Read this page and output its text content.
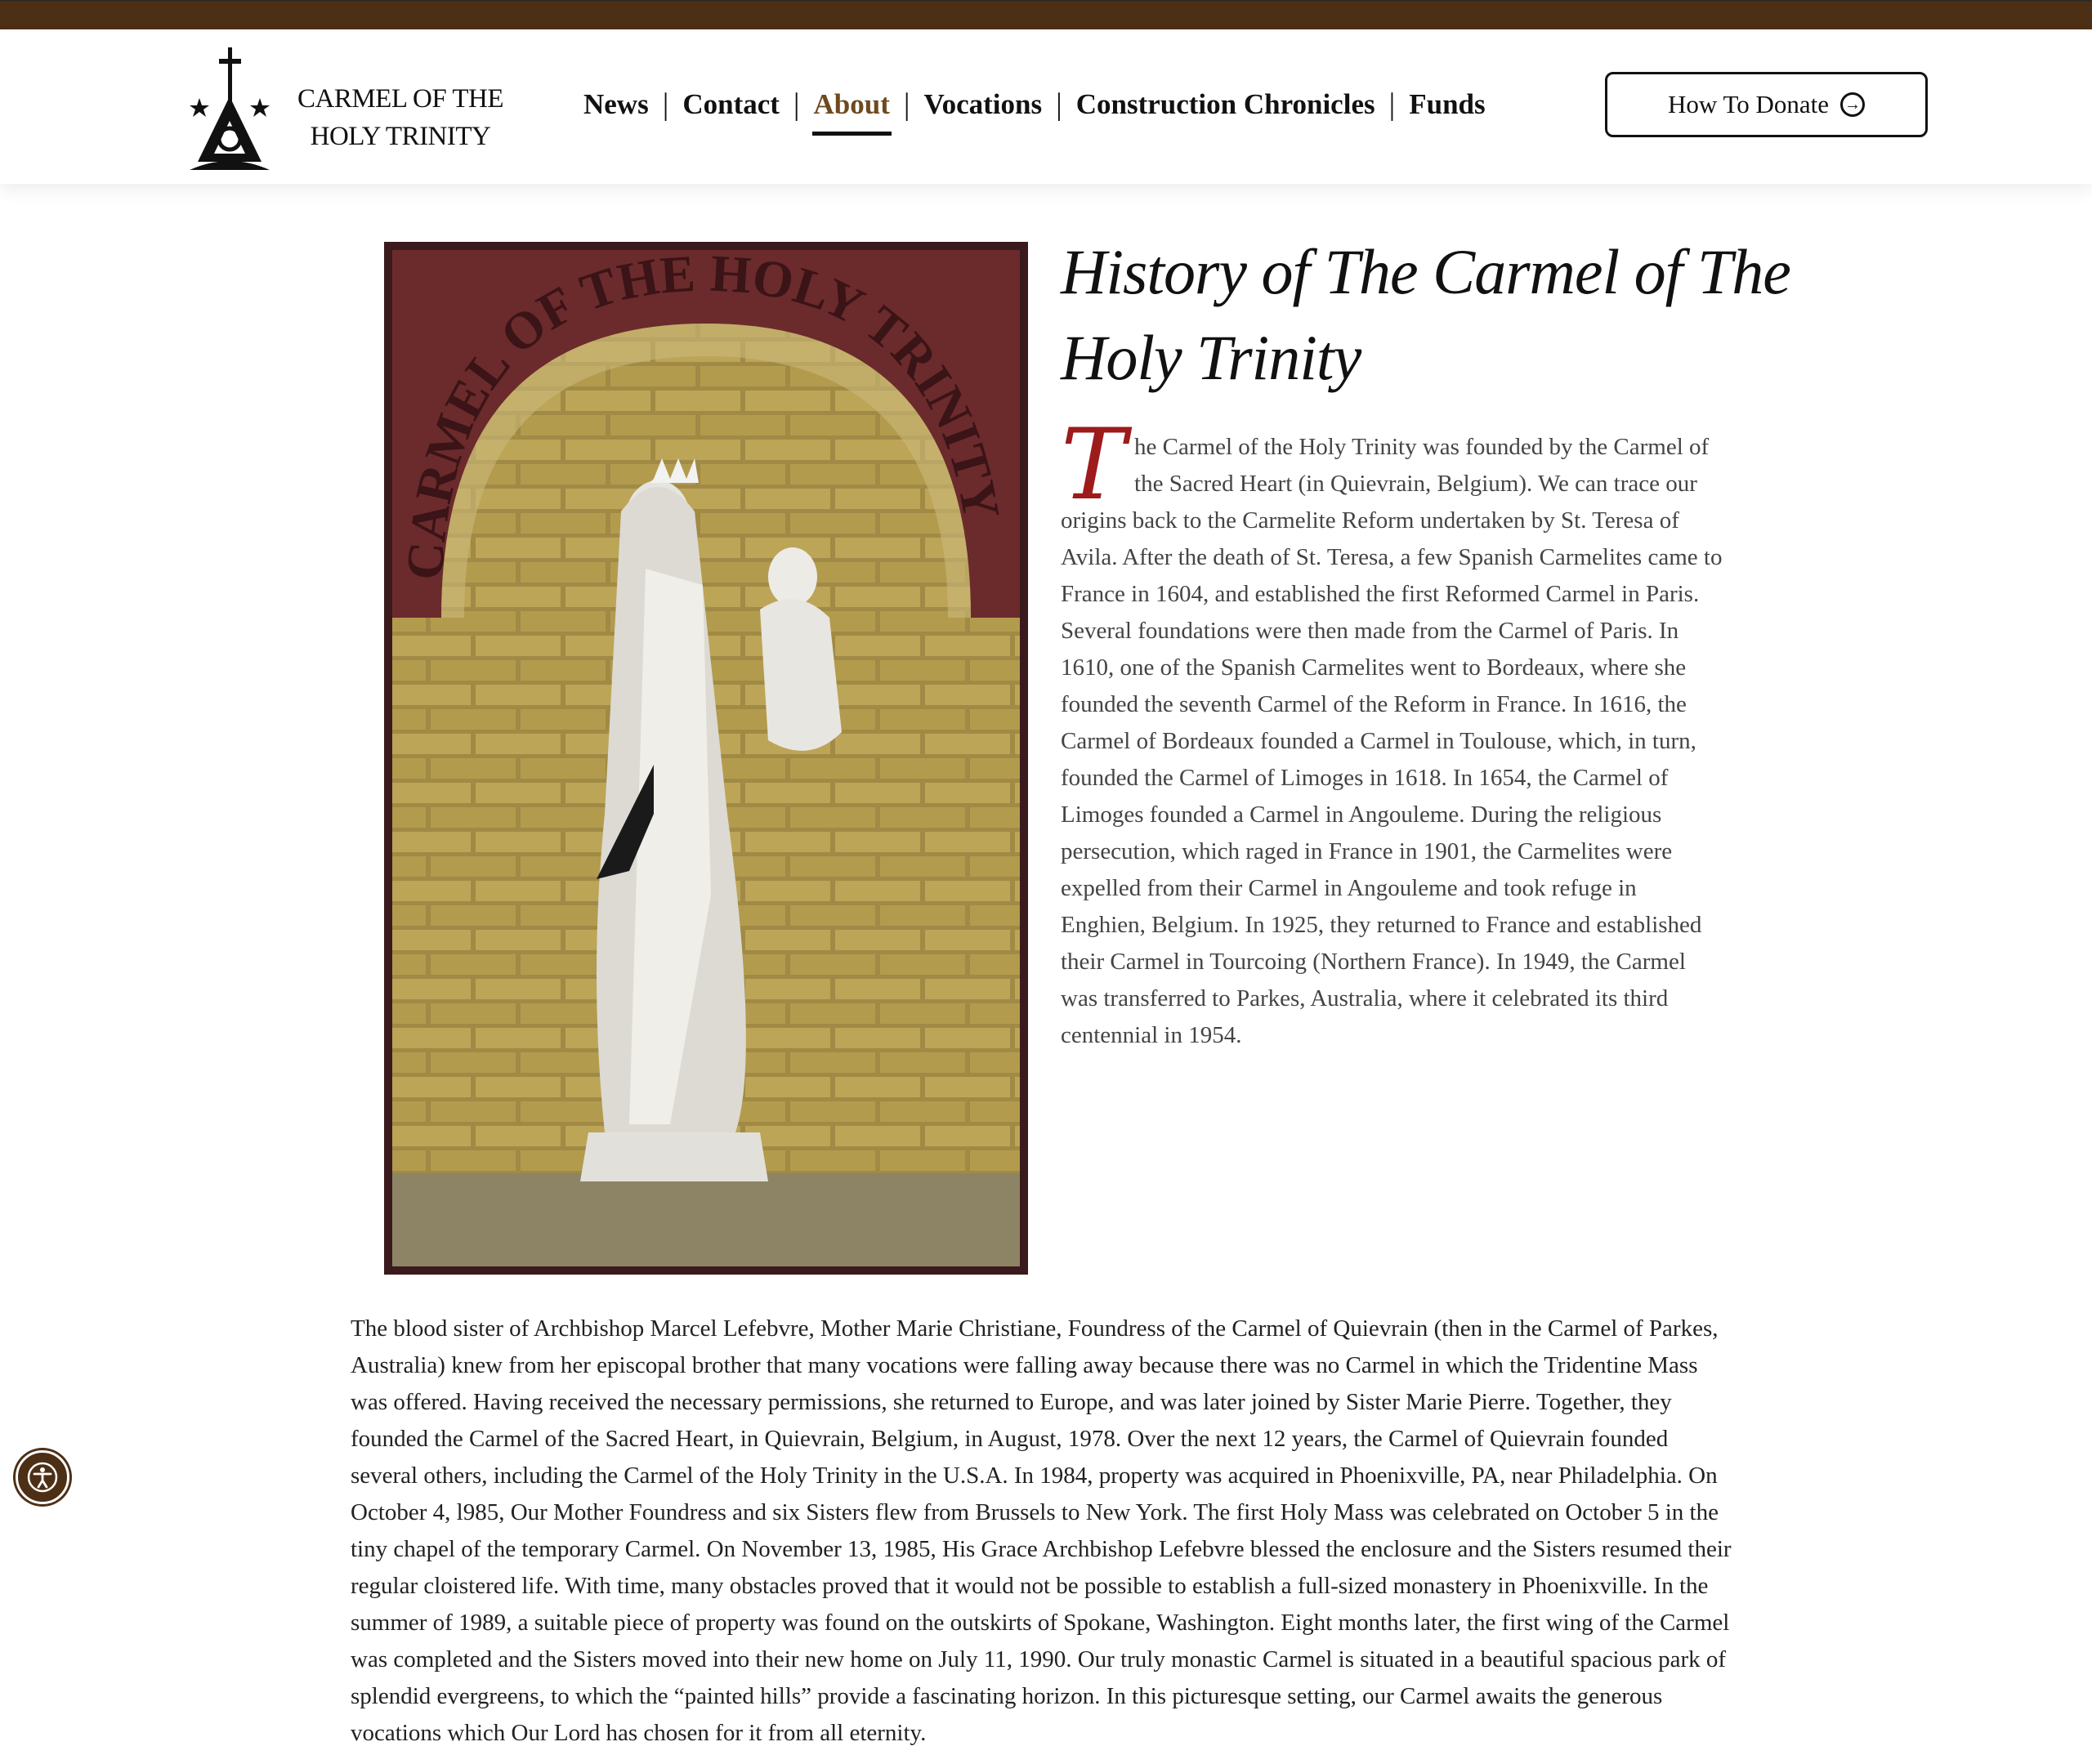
CARMEL OF THE
HOLY TRINITY
News | Contact | About | Vocations | Construction Chronicles | Funds	How To Donate →
CARMEL OF THE HOLY TRINITY
History of The Carmel of The Holy Trinity
The Carmel of the Holy Trinity was founded by the Carmel of the Sacred Heart (in Quievrain, Belgium). We can trace our origins back to the Carmelite Reform undertaken by St. Teresa of Avila. After the death of St. Teresa, a few Spanish Carmelites came to France in 1604, and established the first Reformed Carmel in Paris. Several foundations were then made from the Carmel of Paris. In 1610, one of the Spanish Carmelites went to Bordeaux, where she founded the seventh Carmel of the Reform in France. In 1616, the Carmel of Bordeaux founded a Carmel in Toulouse, which, in turn, founded the Carmel of Limoges in 1618. In 1654, the Carmel of Limoges founded a Carmel in Angouleme. During the religious persecution, which raged in France in 1901, the Carmelites were expelled from their Carmel in Angouleme and took refuge in Enghien, Belgium. In 1925, they returned to France and established their Carmel in Tourcoing (Northern France). In 1949, the Carmel was transferred to Parkes, Australia, where it celebrated its third centennial in 1954.
The blood sister of Archbishop Marcel Lefebvre, Mother Marie Christiane, Foundress of the Carmel of Quievrain (then in the Carmel of Parkes, Australia) knew from her episcopal brother that many vocations were falling away because there was no Carmel in which the Tridentine Mass was offered. Having received the necessary permissions, she returned to Europe, and was later joined by Sister Marie Pierre. Together, they founded the Carmel of the Sacred Heart, in Quievrain, Belgium, in August, 1978. Over the next 12 years, the Carmel of Quievrain founded several others, including the Carmel of the Holy Trinity in the U.S.A. In 1984, property was acquired in Phoenixville, PA, near Philadelphia. On October 4, l985, Our Mother Foundress and six Sisters flew from Brussels to New York. The first Holy Mass was celebrated on October 5 in the tiny chapel of the temporary Carmel. On November 13, 1985, His Grace Archbishop Lefebvre blessed the enclosure and the Sisters resumed their regular cloistered life. With time, many obstacles proved that it would not be possible to establish a full-sized monastery in Phoenixville. In the summer of 1989, a suitable piece of property was found on the outskirts of Spokane, Washington. Eight months later, the first wing of the Carmel was completed and the Sisters moved into their new home on July 11, 1990. Our truly monastic Carmel is situated in a beautiful spacious park of splendid evergreens, to which the “painted hills” provide a fascinating horizon. In this picturesque setting, our Carmel awaits the generous vocations which Our Lord has chosen for it from all eternity.
